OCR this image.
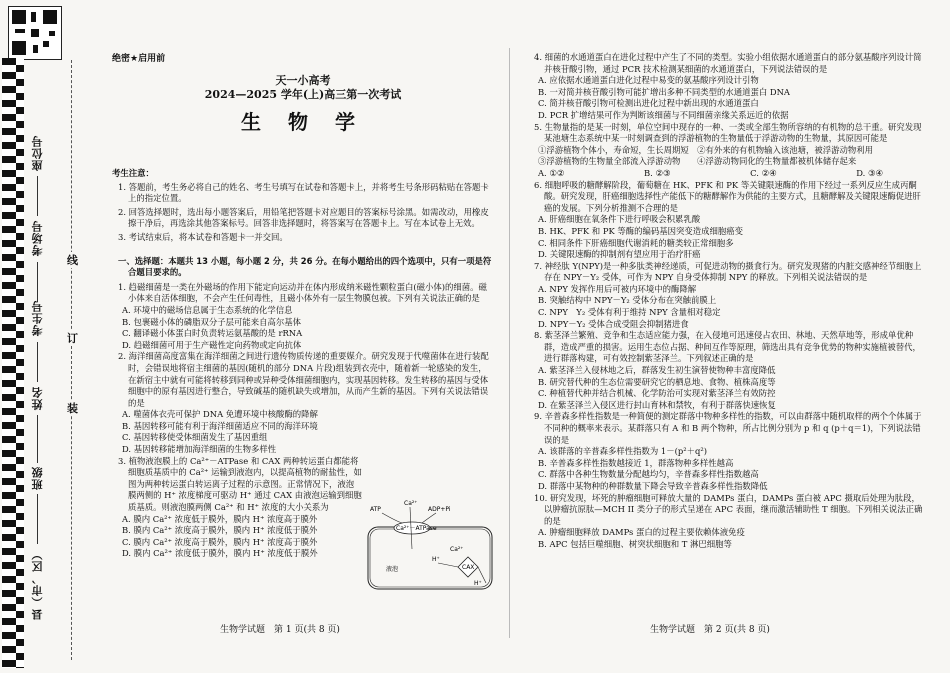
座位号
考场号
考生号
姓名
班级
县（市、区）
线
订
装
绝密★启用前
天一小高考
2024—2025 学年(上)高三第一次考试
生 物 学

考生注意：

1. 答题前，考生务必将自己的姓名、考生号填写在试卷和答题卡上，并将考生号条形码粘贴在答题卡上的指定位置。

2. 回答选择题时，选出每小题答案后，用铅笔把答题卡对应题目的答案标号涂黑。如需改动，用橡皮擦干净后，再选涂其他答案标号。回答非选择题时，将答案写在答题卡上。写在本试卷上无效。

3. 考试结束后，将本试卷和答题卡一并交回。

一、选择题：本题共 13 小题，每小题 2 分，共 26 分。在每小题给出的四个选项中，只有一项是符合题目要求的。

1. 趋磁细菌是一类在外磁场的作用下能定向运动并在体内形成纳米磁性颗粒蛋白(磁小体)的细菌。磁小体来自活体细胞，不会产生任何毒性，且磁小体外有一层生物膜包被。下列有关说法正确的是

A. 环境中的磁场信息属于生态系统的化学信息

B. 包裹磁小体的磷脂双分子层可能来自高尔基体

C. 翻译磁小体蛋白时负责转运氨基酸的是 rRNA

D. 趋磁细菌可用于生产磁性定向药物或定向抗体

2. 海洋细菌高度富集在海洋细菌之间进行遗传物质传递的重要媒介。研究发现于代噬菌体在进行装配时，会错误地将宿主细菌的基因(随机的部分 DNA 片段)组装到衣壳中，随着新一轮感染的发生，在新宿主中就有可能将转移到同种或异种受体细菌细胞内，实现基因转移。发生转移的基因与受体细胞中的原有基因进行整合，导致碱基的随机缺失或增加，从而产生新的基因。下列有关说法错误的是

A. 噬菌体衣壳可保护 DNA 免遭环境中核酸酶的降解

B. 基因转移可能有利于海洋细菌适应不同的海洋环境

C. 基因转移使受体细菌发生了基因重组

D. 基因转移能增加海洋细菌的生物多样性

3. 植物液泡膜上的 Ca²⁺－ATPase 和 CAX 两种转运蛋白都能将细胞质基质中的 Ca²⁺ 运输到液泡内，以提高植物的耐盐性，如图为两种转运蛋白转运离子过程的示意图。正常情况下，液泡膜两侧的 H⁺ 浓度梯度可驱动 H⁺ 通过 CAX 由液泡运输到细胞质基质。则液泡膜两侧 Ca²⁺ 和 H⁺ 浓度的大小关系为

A. 膜内 Ca²⁺ 浓度低于膜外，膜内 H⁺ 浓度高于膜外

B. 膜内 Ca²⁺ 浓度高于膜外，膜内 H⁺ 浓度低于膜外

C. 膜内 Ca²⁺ 浓度高于膜外，膜内 H⁺ 浓度高于膜外

D. 膜内 Ca²⁺ 浓度低于膜外，膜内 H⁺ 浓度低于膜外

Ca²⁺－ATPase
ATP	ADP+Pi
Ca²⁺
CAX
Ca²⁺
H⁺
H⁺
液泡

4. 细菌的水通道蛋白在进化过程中产生了不同的类型。实验小组依据水通道蛋白的部分氨基酸序列设计简并核苷酸引物，通过 PCR 技术检测某细菌的水通道蛋白，下列说法错误的是

A. 应依据水通道蛋白进化过程中易变的氨基酸序列设计引物

B. 一对简并核苷酸引物可能扩增出多种不同类型的水通道蛋白 DNA

C. 简并核苷酸引物可检测出进化过程中新出现的水通道蛋白

D. PCR 扩增结果可作为判断该细菌与不同细菌亲缘关系远近的依据

5. 生物量指的是某一时刻，单位空间中现存的一种、一类或全部生物所容纳的有机物的总干重。研究发现某池塘生态系统中某一时刻调查到的浮游植物的生物量低于浮游动物的生物量，其原因可能是

①浮游植物个体小，寿命短，生长周期短　②有外来的有机物输入该池塘，被浮游动物利用

③浮游植物的生物量全部流入浮游动物　　④浮游动物同化的生物量都被机体储存起来

A. ①②	B. ②③	C. ②④	D. ③④

6. 细胞呼吸的糖酵解阶段，葡萄糖在 HK、PFK 和 PK 等关键限速酶的作用下经过一系列反应生成丙酮酸。研究发现，肝癌细胞选择性产能低下的糖酵解作为供能的主要方式，且糖酵解及关键限速酶促进肝癌的发展。下列分析推测不合理的是

A. 肝癌细胞在氧条件下进行呼吸会积累乳酸

B. HK、PFK 和 PK 等酶的编码基因突变造成细胞癌变

C. 相同条件下肝癌细胞代谢消耗的糖类较正常细胞多

D. 关键限速酶的抑制剂有望应用于治疗肝癌

7. 神经肽 Y(NPY)是一种多肽类神经递质，可促进动物的摄食行为。研究发现猪的内脏交感神经节细胞上存在 NPY－Y₂ 受体，可作为 NPY 自身受体抑制 NPY 的释放。下列相关说法错误的是

A. NPY 发挥作用后可被内环境中的酶降解

B. 突触结构中 NPY－Y₂ 受体分布在突触前膜上

C. NPY　Y₂ 受体有利于维持 NPY 含量相对稳定

D. NPY－Y₂ 受体合成受阻会抑制猪进食

8. 紫茎泽兰繁殖、竞争和生态适应能力强，在入侵地可迅速侵占农田、林地、天然草地等，形成单优种群，造成严重的损害。运用生态位占据、种间互作等原理，筛选出具有竞争优势的物种实施植被替代，进行群落构建，可有效控制紫茎泽兰。下列叙述正确的是

A. 紫茎泽兰入侵林地之后，群落发生初生演替使物种丰富度降低

B. 研究替代种的生态位需要研究它的栖息地、食物、植株高度等

C. 种植替代种并结合机械、化学防治可实现对紫茎泽兰有效防控

D. 在紫茎泽兰入侵区进行封山育林和禁牧，有利于群落快速恢复

9. 辛普森多样性指数是一种简便的测定群落中物种多样性的指数，可以由群落中随机取样的两个个体属于不同种的概率来表示。某群落只有 A 和 B 两个物种，所占比例分别为 p 和 q (p＋q＝1)，下列说法错误的是

A. 该群落的辛普森多样性指数为 1－(p²＋q²)

B. 辛普森多样性指数越接近 1，群落物种多样性越高

C. 群落中各种生物数量分配越均匀，辛普森多样性指数越高

D. 群落中某物种的种群数量下降会导致辛普森多样性指数降低

10. 研究发现，坏死的肿瘤细胞可释放大量的 DAMPs 蛋白，DAMPs 蛋白被 APC 摄取后处理为肽段，以肿瘤抗原肽—MCH II 类分子的形式呈递在 APC 表面，继而激活辅助性 T 细胞。下列相关说法正确的是

A. 肿瘤细胞释放 DAMPs 蛋白的过程主要依赖体液免疫

B. APC 包括巨噬细胞、树突状细胞和 T 淋巴细胞等

生物学试题　第 1 页(共 8 页)	生物学试题　第 2 页(共 8 页)
